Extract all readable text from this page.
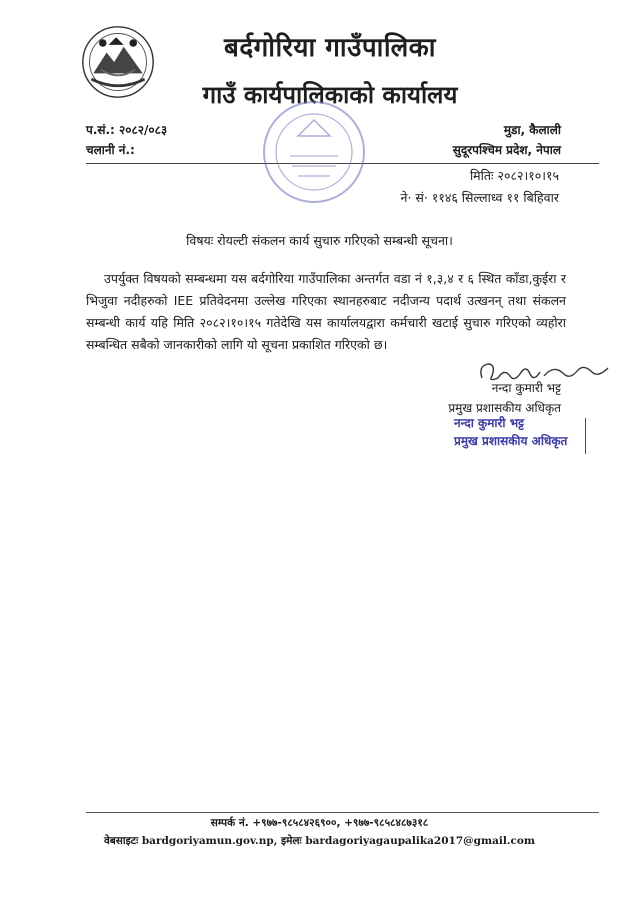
बर्दगोरिया गाउँपालिका
गाउँ कार्यपालिकाको कार्यालय
प.सं.: २०८२/०८३
चलानी नं.:
मुडा, कैलाली
सुदूरपश्चिम प्रदेश, नेपाल
मितिः २०८२।१०।१५
ने· सं· ११४६ सिल्लाध्व ११ बिहिवार
विषयः रोयल्टी संकलन कार्य सुचारु गरिएको सम्बन्धी सूचना।
उपर्युक्त विषयको सम्बन्धमा यस बर्दगोरिया गाउँपालिका अन्तर्गत वडा नं १,३,४ र ६ स्थित काँडा,कुईरा र भिजुवा नदीहरुको IEE प्रतिवेदनमा उल्लेख गरिएका स्थानहरुबाट नदीजन्य पदार्थ उत्खनन् तथा संकलन सम्बन्धी कार्य यहि मिति २०८२।१०।१५ गतेदेखि यस कार्यालयद्वारा कर्मचारी खटाई सुचारु गरिएको व्यहोरा सम्बन्धित सबैको जानकारीको लागि यो सूचना प्रकाशित गरिएको छ।
नन्दा कुमारी भट्ट
प्रमुख प्रशासकीय अधिकृत
नन्दा कुमारी भट्ट
प्रमुख प्रशासकीय अधिकृत
सम्पर्क नं. +९७७-९८५८४२६९००, +९७७-९८५८४८७३१८
वेबसाइटः bardgoriyamun.gov.np, इमेलः bardagoriyagaupalika2017@gmail.com
